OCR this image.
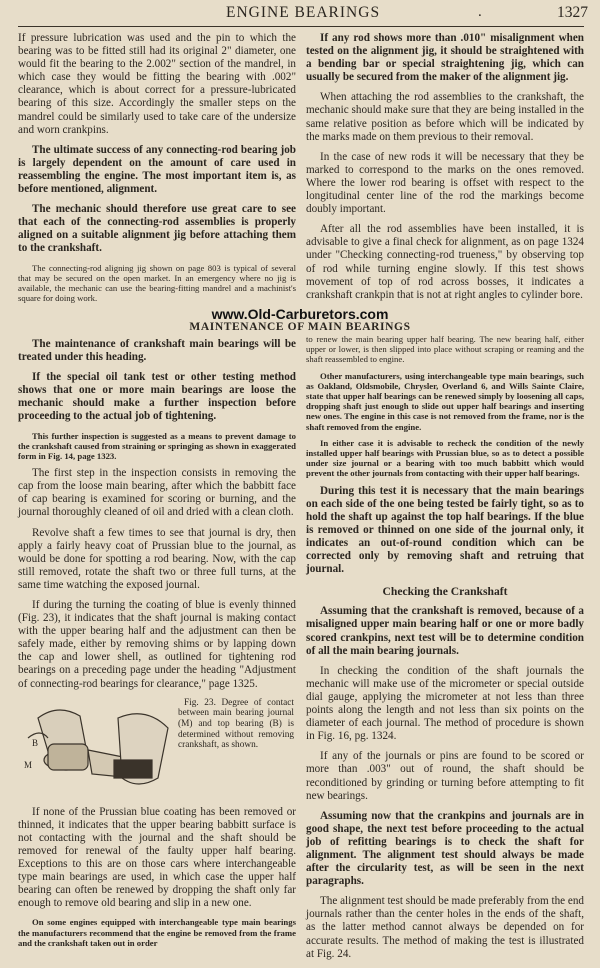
ENGINE BEARINGS	.	1327

If pressure lubrication was used and the pin to which the bearing was to be fitted still had its original 2" diameter, one would fit the bearing to the 2.002" section of the mandrel, in which case they would be fitting the bearing with .002" clearance, which is about correct for a pressure-lubricated bearing of this size. Accordingly the smaller steps on the mandrel could be similarly used to take care of the undersize and worn crankpins.

The ultimate success of any connecting-rod bearing job is largely dependent on the amount of care used in reassembling the engine. The most important item is, as before mentioned, alignment.

The mechanic should therefore use great care to see that each of the connecting-rod assemblies is properly aligned on a suitable alignment jig before attaching them to the crankshaft.

The connecting-rod aligning jig shown on page 803 is typical of several that may be secured on the open market. In an emergency where no jig is available, the mechanic can use the bearing-fitting mandrel and a machinist's square for doing work.

If any rod shows more than .010" misalignment when tested on the alignment jig, it should be straightened with a bending bar or special straightening jig, which can usually be secured from the maker of the alignment jig.

When attaching the rod assemblies to the crankshaft, the mechanic should make sure that they are being installed in the same relative position as before which will be indicated by the marks made on them previous to their removal.

In the case of new rods it will be necessary that they be marked to correspond to the marks on the ones removed. Where the lower rod bearing is offset with respect to the longitudinal center line of the rod the markings become doubly important.

After all the rod assemblies have been installed, it is advisable to give a final check for alignment, as on page 1324 under "Checking connecting-rod trueness," by observing top of rod while turning engine slowly. If this test shows movement of top of rod across bosses, it indicates a crankshaft crankpin that is not at right angles to cylinder bore.

www.Old-Carburetors.com
MAINTENANCE OF MAIN BEARINGS

The maintenance of crankshaft main bearings will be treated under this heading.

If the special oil tank test or other testing method shows that one or more main bearings are loose the mechanic should make a further inspection before proceeding to the actual job of tightening.

This further inspection is suggested as a means to prevent damage to the crankshaft caused from straining or springing as shown in exaggerated form in Fig. 14, page 1323.

The first step in the inspection consists in removing the cap from the loose main bearing, after which the babbitt face of cap bearing is examined for scoring or burning, and the journal thoroughly cleaned of oil and dried with a clean cloth.

Revolve shaft a few times to see that journal is dry, then apply a fairly heavy coat of Prussian blue to the journal, as would be done for spotting a rod bearing. Now, with the cap still removed, rotate the shaft two or three full turns, at the same time watching the exposed journal.

If during the turning the coating of blue is evenly thinned (Fig. 23), it indicates that the shaft journal is making contact with the upper bearing half and the adjustment can then be safely made, either by removing shims or by lapping down the cap and lower shell, as outlined for tightening rod bearings on a preceding page under the heading "Adjustment of connecting-rod bearings for clearance," page 1325.

B
M
Fig. 23. Degree of contact between main bearing journal (M) and top bearing (B) is determined without removing crankshaft, as shown.

If none of the Prussian blue coating has been removed or thinned, it indicates that the upper bearing babbitt surface is not contacting with the journal and the shaft should be removed for renewal of the faulty upper half bearing. Exceptions to this are on those cars where interchangeable type main bearings are used, in which case the upper half bearing can often be renewed by dropping the shaft only far enough to remove old bearing and slip in a new one.

On some engines equipped with interchangeable type main bearings the manufacturers recommend that the engine be removed from the frame and the crankshaft taken out in order

to renew the main bearing upper half bearing. The new bearing half, either upper or lower, is then slipped into place without scraping or reaming and the shaft reassembled to engine.

Other manufacturers, using interchangeable type main bearings, such as Oakland, Oldsmobile, Chrysler, Overland 6, and Wills Sainte Claire, state that upper half bearings can be renewed simply by loosening all caps, dropping shaft just enough to slide out upper half bearings and inserting new ones. The engine in this case is not removed from the frame, nor is the shaft removed from the engine.

In either case it is advisable to recheck the condition of the newly installed upper half bearings with Prussian blue, so as to detect a possible under size journal or a bearing with too much babbitt which would prevent the other journals from contacting with their upper half bearings.

During this test it is necessary that the main bearings on each side of the one being tested be fairly tight, so as to hold the shaft up against the top half bearings. If the blue is removed or thinned on one side of the journal only, it indicates an out-of-round condition which can be corrected only by removing shaft and retruing that journal.

Checking the Crankshaft

Assuming that the crankshaft is removed, because of a misaligned upper main bearing half or one or more badly scored crankpins, next test will be to determine condition of all the main bearing journals.

In checking the condition of the shaft journals the mechanic will make use of the micrometer or special outside dial gauge, applying the micrometer at not less than three points along the length and not less than six points on the diameter of each journal. The method of procedure is shown in Fig. 16, pg. 1324.

If any of the journals or pins are found to be scored or more than .003" out of round, the shaft should be reconditioned by grinding or turning before attempting to fit new bearings.

Assuming now that the crankpins and journals are in good shape, the next test before proceeding to the actual job of refitting bearings is to check the shaft for alignment. The alignment test should always be made after the circularity test, as will be seen in the next paragraphs.

The alignment test should be made preferably from the end journals rather than the center holes in the ends of the shaft, as the latter method cannot always be depended on for accurate results. The method of making the test is illustrated at Fig. 24.
